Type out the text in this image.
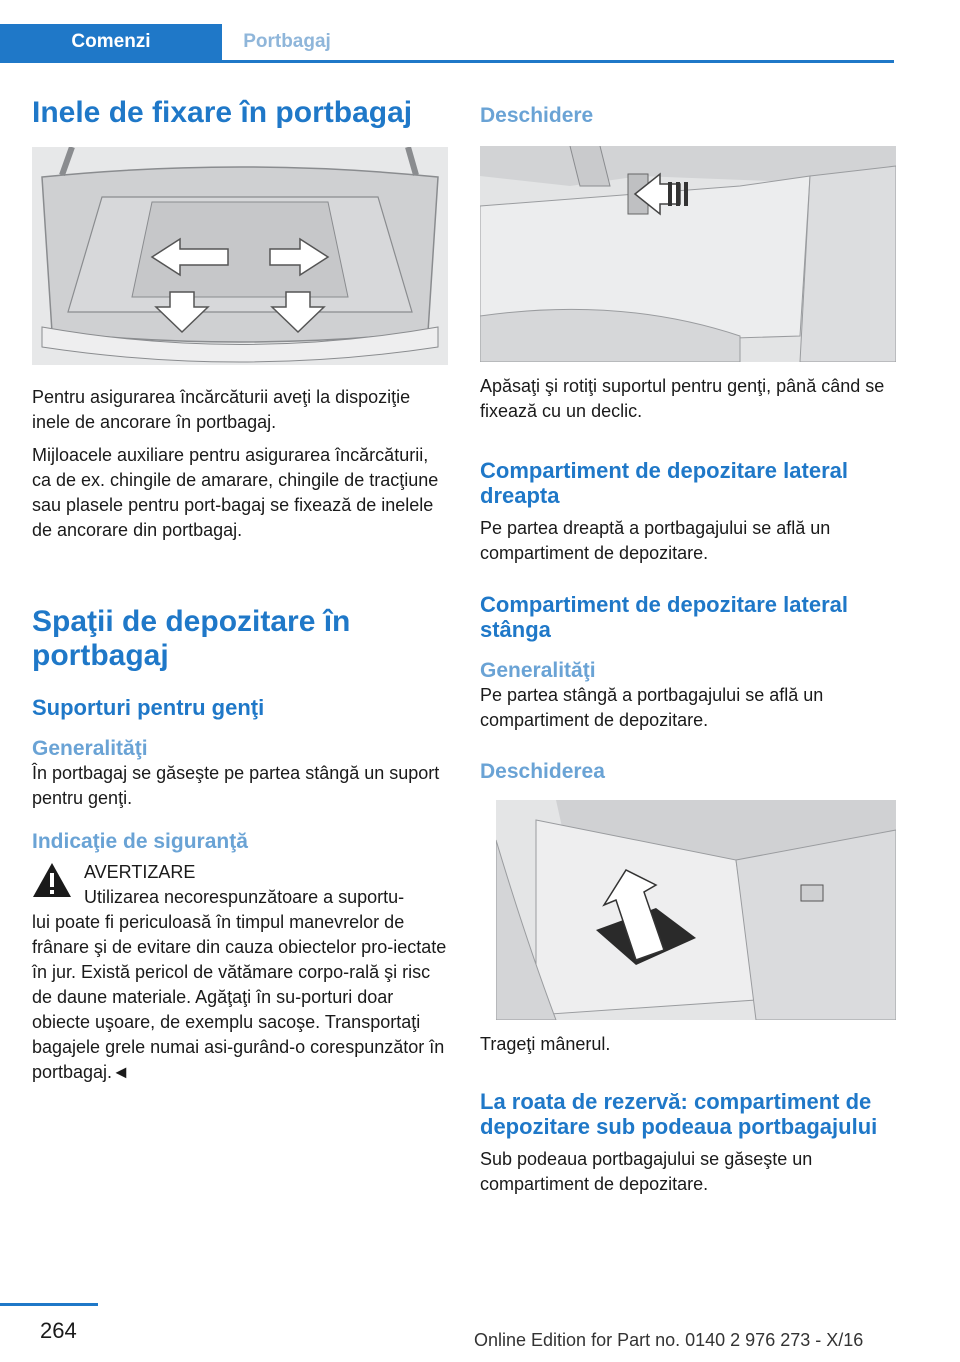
Comenzi	Portbagaj
Inele de fixare în portbagaj

Pentru asigurarea încărcăturii aveţi la dispoziţie inele de ancorare în portbagaj.

Mijloacele auxiliare pentru asigurarea încărcăturii, ca de ex. chingile de amarare, chingile de tracţiune sau plasele pentru port‐bagaj se fixează de inelele de ancorare din portbagaj.

Spaţii de depozitare în portbagaj
Suporturi pentru genţi
Generalităţi

În portbagaj se găseşte pe partea stângă un suport pentru genţi.

Indicaţie de siguranţă

AVERTIZARE

Utilizarea necorespunzătoare a suportu‐

lui poate fi periculoasă în timpul manevrelor de frânare şi de evitare din cauza obiectelor pro‐iectate în jur. Există pericol de vătămare corpo‐rală şi risc de daune materiale. Agăţaţi în su‐porturi doar obiecte uşoare, de exemplu sacoşe. Transportaţi bagajele grele numai asi‐gurând-o corespunzător în portbagaj.◄

Deschidere

Apăsaţi şi rotiţi suportul pentru genţi, până când se fixează cu un declic.

Compartiment de depozitare lateral dreapta

Pe partea dreaptă a portbagajului se află un compartiment de depozitare.

Compartiment de depozitare lateral stânga
Generalităţi

Pe partea stângă a portbagajului se află un compartiment de depozitare.

Deschiderea

Trageţi mânerul.

La roata de rezervă: compartiment de depozitare sub podeaua portbagajului

Sub podeaua portbagajului se găseşte un compartiment de depozitare.

264	Online Edition for Part no. 0140 2 976 273 - X/16
